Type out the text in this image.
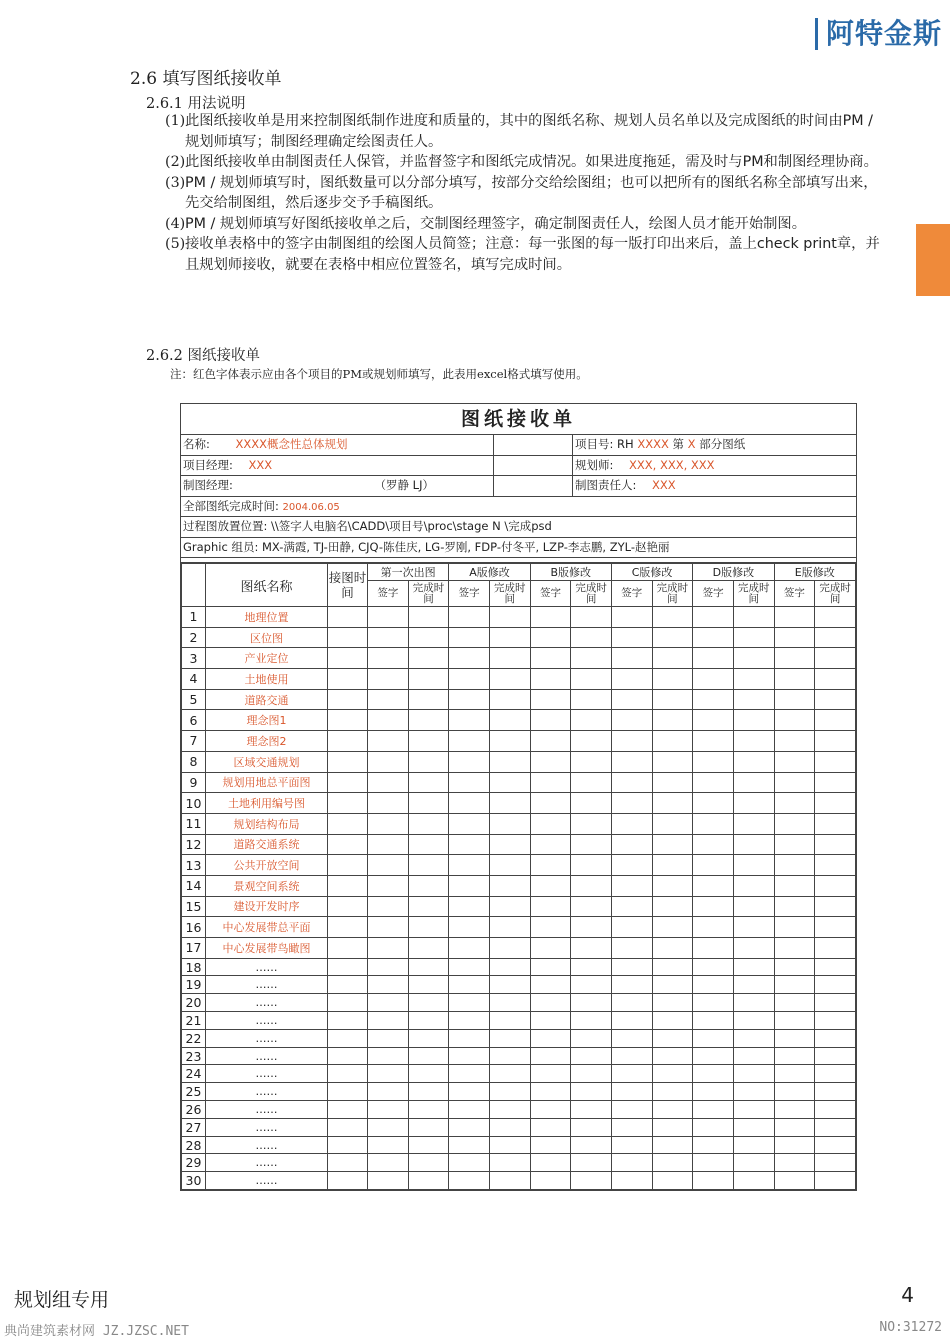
阿特金斯
2.6 填写图纸接收单
2.6.1 用法说明
(1) 此图纸接收单是用来控制图纸制作进度和质量的，其中的图纸名称、规划人员名单以及完成图纸的时间由PM / 规划师填写；制图经理确定绘图责任人。
(2) 此图纸接收单由制图责任人保管，并监督签字和图纸完成情况。如果进度拖延，需及时与PM和制图经理协商。
(3) PM / 规划师填写时，图纸数量可以分部分填写，按部分交给绘图组；也可以把所有的图纸名称全部填写出来，先交给制图组，然后逐步交予手稿图纸。
(4) PM / 规划师填写好图纸接收单之后，交制图经理签字，确定制图责任人，绘图人员才能开始制图。
(5) 接收单表格中的签字由制图组的绘图人员简签；注意：每一张图的每一版打印出来后，盖上check print章，并且规划师接收，就要在表格中相应位置签名，填写完成时间。
2.6.2 图纸接收单
注：红色字体表示应由各个项目的PM或规划师填写，此表用excel格式填写使用。
图纸接收单
名称: XXXX概念性总体规划	项目号: RH XXXX 第 X 部分图纸
项目经理: XXX	规划师: XXX, XXX, XXX
制图经理:	（罗静 LJ）	制图责任人: XXX
全部图纸完成时间: 2004.06.05
过程图放置位置: \\签字人电脑名\CADD\项目号\proc\stage N \完成psd
Graphic 组员: MX-满霞, TJ-田静, CJQ-陈佳庆, LG-罗刚, FDP-付冬平, LZP-李志鹏, ZYL-赵艳丽
	图纸名称	接图时间	第一次出图		A版修改		B版修改		C版修改		D版修改		E版修改	
			签字	完成时间	签字	完成时间	签字	完成时间	签字	完成时间	签字	完成时间	签字	完成时间
1	地理位置													
2	区位图													
3	产业定位													
4	土地使用													
5	道路交通													
6	理念图1													
7	理念图2													
8	区域交通规划													
9	规划用地总平面图													
10	土地利用编号图													
11	规划结构布局													
12	道路交通系统													
13	公共开放空间													
14	景观空间系统													
15	建设开发时序													
16	中心发展带总平面													
17	中心发展带鸟瞰图													
18	……													
19	……													
20	……													
21	……													
22	……													
23	……													
24	……													
25	……													
26	……													
27	……													
28	……													
29	……													
30	……													
规划组专用	4
典尚建筑素材网 JZ.JZSC.NET	NO:31272
